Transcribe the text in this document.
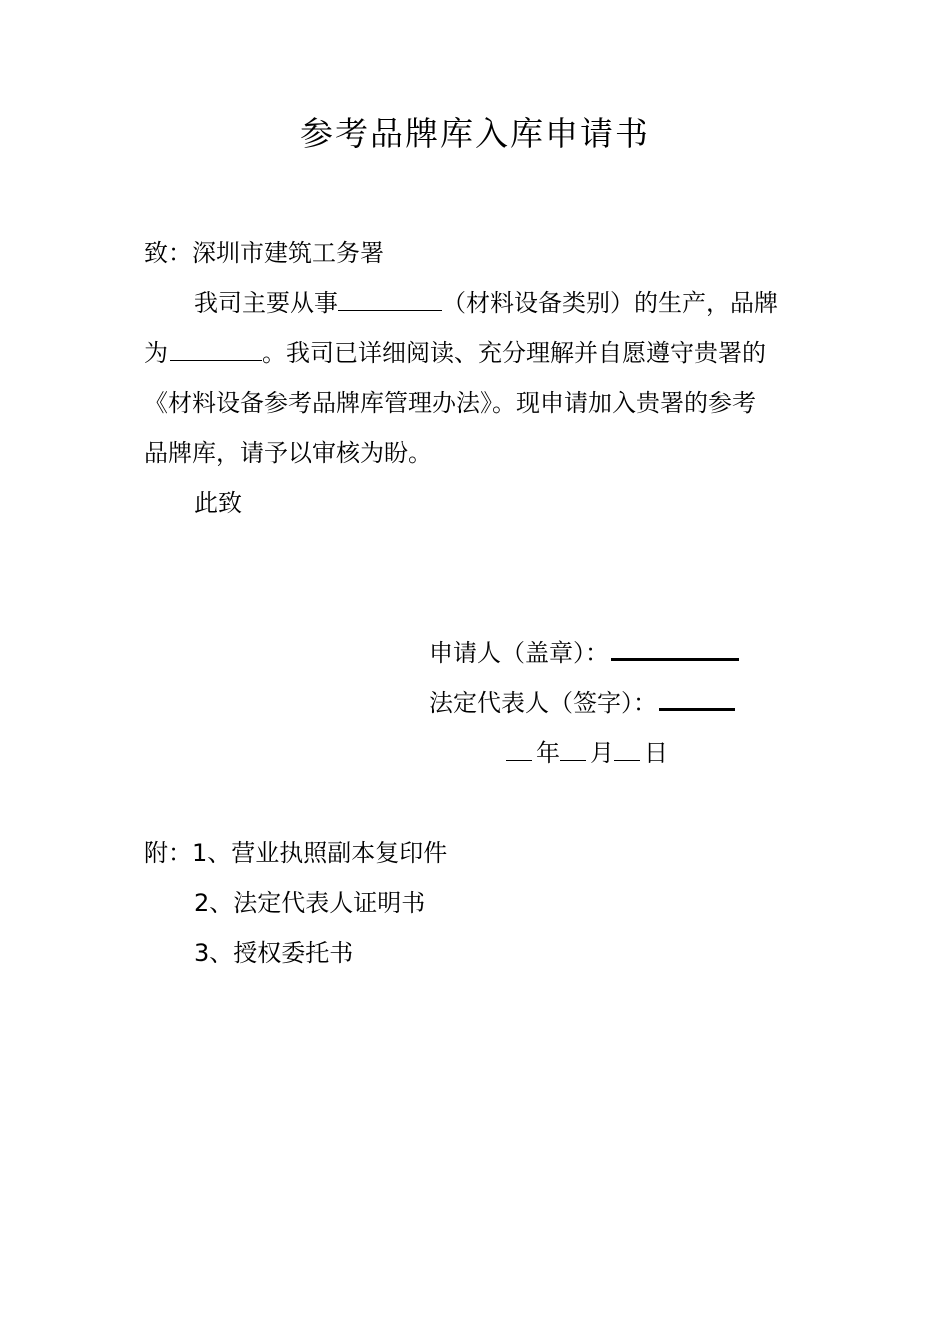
参考品牌库入库申请书
致：深圳市建筑工务署
我司主要从事	（材料设备类别）的生产，品牌
为	。我司已详细阅读、充分理解并自愿遵守贵署的
《材料设备参考品牌库管理办法》。现申请加入贵署的参考
品牌库，请予以审核为盼。
此致
申请人（盖章）：
法定代表人（签字）：
年 月 日
附：1、营业执照副本复印件
2、法定代表人证明书
3、授权委托书
